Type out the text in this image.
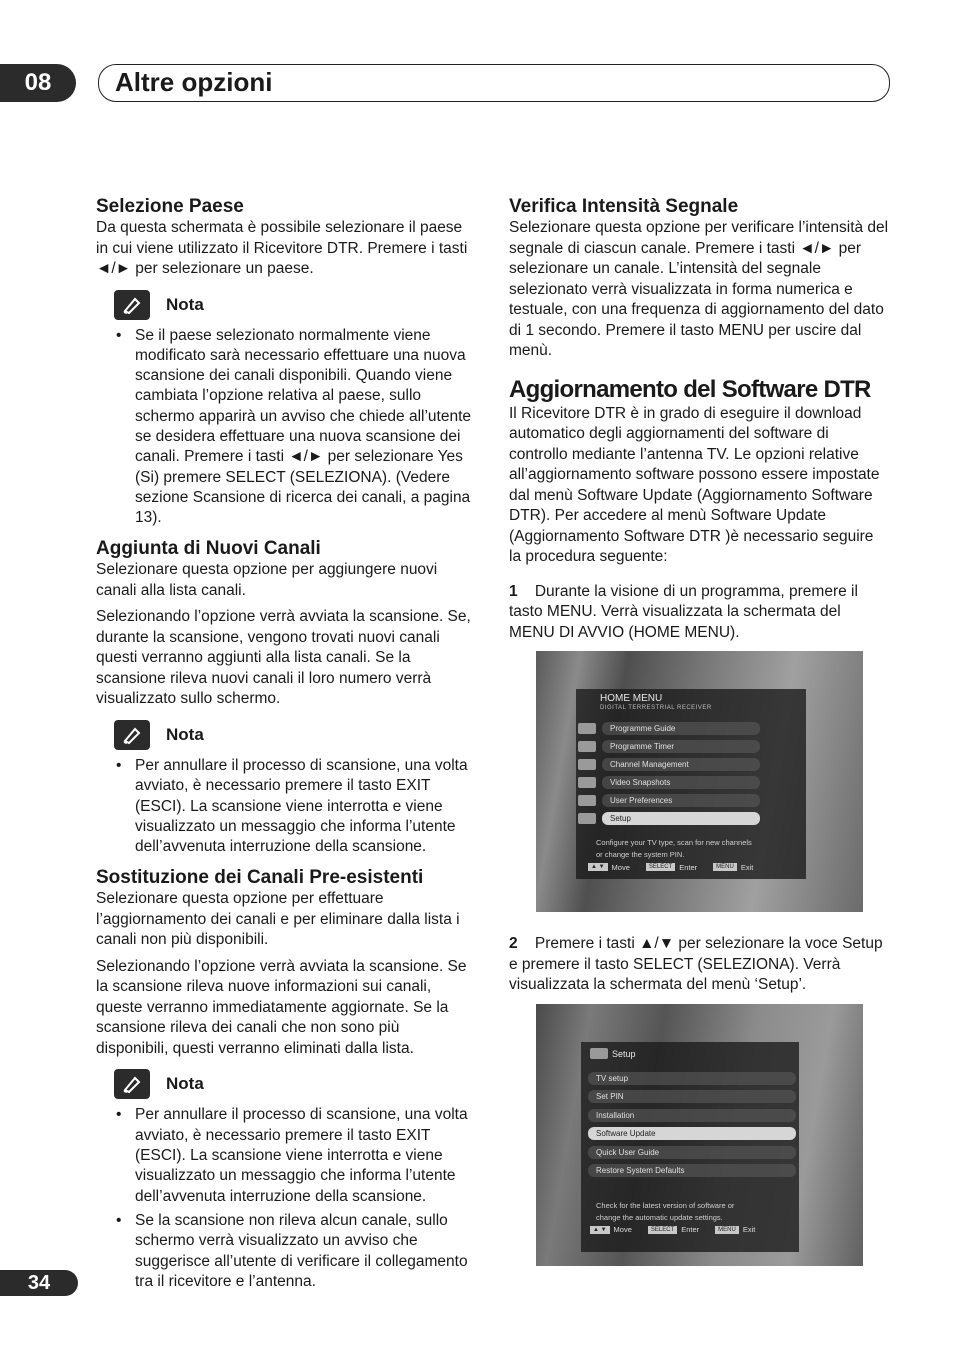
08	Altre opzioni
Selezione Paese

Da questa schermata è possibile selezionare il paese in cui viene utilizzato il Ricevitore DTR. Premere i tasti ◄/► per selezionare un paese.

Nota
• Se il paese selezionato normalmente viene modificato sarà necessario effettuare una nuova scansione dei canali disponibili. Quando viene cambiata l’opzione relativa al paese, sullo schermo apparirà un avviso che chiede all’utente se desidera effettuare una nuova scansione dei canali. Premere i tasti ◄/► per selezionare Yes (Si) premere SELECT (SELEZIONA). (Vedere sezione Scansione di ricerca dei canali, a pagina 13).
Aggiunta di Nuovi Canali

Selezionare questa opzione per aggiungere nuovi canali alla lista canali.

Selezionando l’opzione verrà avviata la scansione. Se, durante la scansione, vengono trovati nuovi canali questi verranno aggiunti alla lista canali. Se la scansione rileva nuovi canali il loro numero verrà visualizzato sullo schermo.

Nota
• Per annullare il processo di scansione, una volta avviato, è necessario premere il tasto EXIT (ESCI). La scansione viene interrotta e viene visualizzato un messaggio che informa l’utente dell’avvenuta interruzione della scansione.
Sostituzione dei Canali Pre-esistenti

Selezionare questa opzione per effettuare l’aggiornamento dei canali e per eliminare dalla lista i canali non più disponibili.

Selezionando l’opzione verrà avviata la scansione. Se la scansione rileva nuove informazioni sui canali, queste verranno immediatamente aggiornate. Se la scansione rileva dei canali che non sono più disponibili, questi verranno eliminati dalla lista.

Nota
• Per annullare il processo di scansione, una volta avviato, è necessario premere il tasto EXIT (ESCI). La scansione viene interrotta e viene visualizzato un messaggio che informa l’utente dell’avvenuta interruzione della scansione.
• Se la scansione non rileva alcun canale, sullo schermo verrà visualizzato un avviso che suggerisce all’utente di verificare il collegamento tra il ricevitore e l’antenna.
Verifica Intensità Segnale

Selezionare questa opzione per verificare l’intensità del segnale di ciascun canale. Premere i tasti ◄/► per selezionare un canale. L’intensità del segnale selezionato verrà visualizzata in forma numerica e testuale, con una frequenza di aggiornamento del dato di 1 secondo. Premere il tasto MENU per uscire dal menù.

Aggiornamento del Software DTR

Il Ricevitore DTR è in grado di eseguire il download automatico degli aggiornamenti del software di controllo mediante l’antenna TV. Le opzioni relative all’aggiornamento software possono essere impostate dal menù Software Update (Aggiornamento Software DTR). Per accedere al menù Software Update (Aggiornamento Software DTR )è necessario seguire la procedura seguente:

1 Durante la visione di un programma, premere il tasto MENU. Verrà visualizzata la schermata del MENU DI AVVIO (HOME MENU).

HOME MENU
DIGITAL TERRESTRIAL RECEIVER
Programme Guide
Programme Timer
Channel Management
Video Snapshots
User Preferences
Setup
Configure your TV type, scan for new channels
or change the system PIN.
▲ ▼ Move	SELECT Enter	MENU Exit

2 Premere i tasti ▲/▼ per selezionare la voce Setup e premere il tasto SELECT (SELEZIONA). Verrà visualizzata la schermata del menù ‘Setup’.

Setup
TV setup
Set PIN
Installation
Software Update
Quick User Guide
Restore System Defaults
Check for the latest version of software or
change the automatic update settings.
▲ ▼ Move	SELECT Enter	MENU Exit
34
